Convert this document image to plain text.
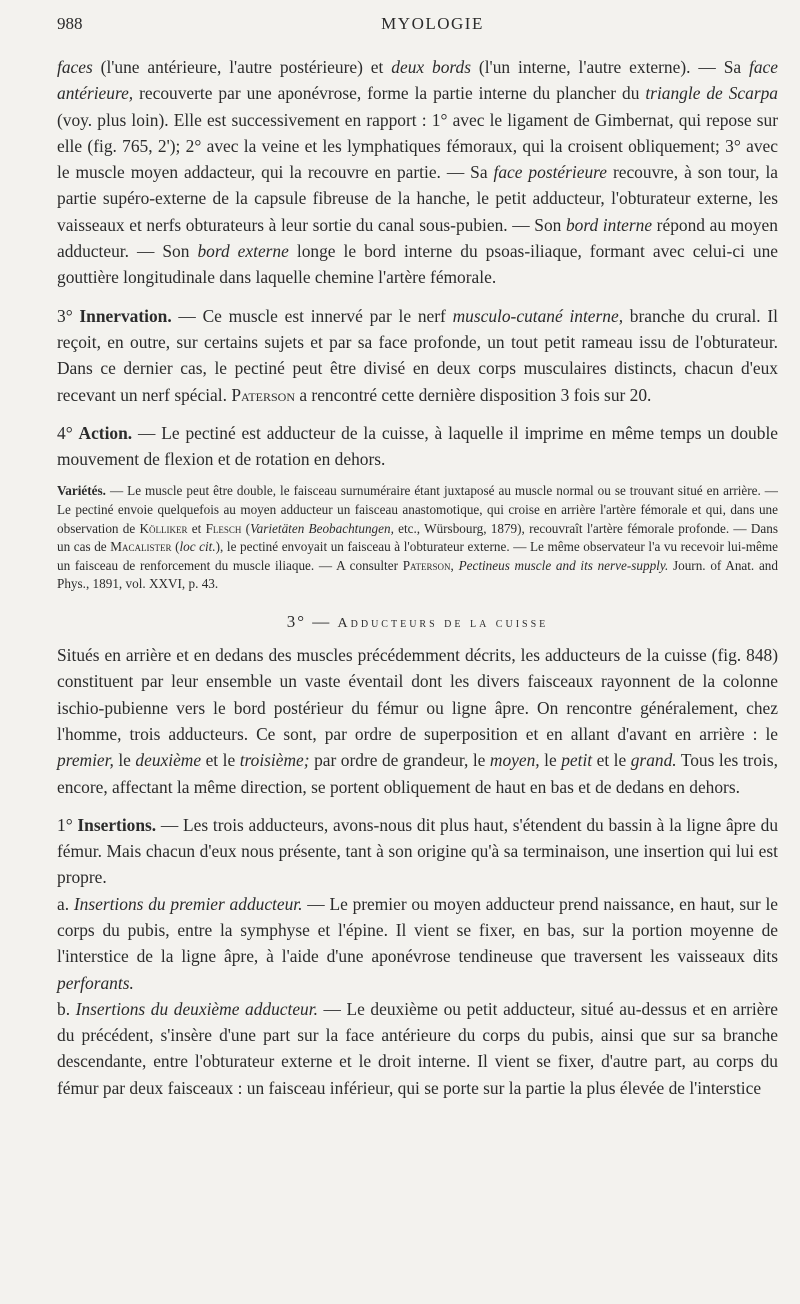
988	MYOLOGIE

faces (l'une antérieure, l'autre postérieure) et deux bords (l'un interne, l'autre externe). — Sa face antérieure, recouverte par une aponévrose, forme la partie interne du plancher du triangle de Scarpa (voy. plus loin). Elle est successivement en rapport : 1° avec le ligament de Gimbernat, qui repose sur elle (fig. 765, 2'); 2° avec la veine et les lymphatiques fémoraux, qui la croisent obliquement; 3° avec le muscle moyen addacteur, qui la recouvre en partie. — Sa face postérieure recouvre, à son tour, la partie supéro-externe de la capsule fibreuse de la hanche, le petit adducteur, l'obturateur externe, les vaisseaux et nerfs obturateurs à leur sortie du canal sous-pubien. — Son bord interne répond au moyen adducteur. — Son bord externe longe le bord interne du psoas-iliaque, formant avec celui-ci une gouttière longitudinale dans laquelle chemine l'artère fémorale.

3° Innervation. — Ce muscle est innervé par le nerf musculo-cutané interne, branche du crural. Il reçoit, en outre, sur certains sujets et par sa face profonde, un tout petit rameau issu de l'obturateur. Dans ce dernier cas, le pectiné peut être divisé en deux corps musculaires distincts, chacun d'eux recevant un nerf spécial. Paterson a rencontré cette dernière disposition 3 fois sur 20.

4° Action. — Le pectiné est adducteur de la cuisse, à laquelle il imprime en même temps un double mouvement de flexion et de rotation en dehors.

Variétés. — Le muscle peut être double, le faisceau surnuméraire étant juxtaposé au muscle normal ou se trouvant situé en arrière. — Le pectiné envoie quelquefois au moyen adducteur un faisceau anastomotique, qui croise en arrière l'artère fémorale et qui, dans une observation de Kölliker et Flesch (Varietäten Beobachtungen, etc., Würsbourg, 1879), recouvraît l'artère fémorale profonde. — Dans un cas de Macalister (loc cit.), le pectiné envoyait un faisceau à l'obturateur externe. — Le même observateur l'a vu recevoir lui-même un faisceau de renforcement du muscle iliaque. — A consulter Paterson, Pectineus muscle and its nerve-supply. Journ. of Anat. and Phys., 1891, vol. XXVI, p. 43.

3° — Adducteurs de la cuisse

Situés en arrière et en dedans des muscles précédemment décrits, les adducteurs de la cuisse (fig. 848) constituent par leur ensemble un vaste éventail dont les divers faisceaux rayonnent de la colonne ischio-pubienne vers le bord postérieur du fémur ou ligne âpre. On rencontre généralement, chez l'homme, trois adducteurs. Ce sont, par ordre de superposition et en allant d'avant en arrière : le premier, le deuxième et le troisième; par ordre de grandeur, le moyen, le petit et le grand. Tous les trois, encore, affectant la même direction, se portent obliquement de haut en bas et de dedans en dehors.

1° Insertions. — Les trois adducteurs, avons-nous dit plus haut, s'étendent du bassin à la ligne âpre du fémur. Mais chacun d'eux nous présente, tant à son origine qu'à sa terminaison, une insertion qui lui est propre.

a. Insertions du premier adducteur. — Le premier ou moyen adducteur prend naissance, en haut, sur le corps du pubis, entre la symphyse et l'épine. Il vient se fixer, en bas, sur la portion moyenne de l'interstice de la ligne âpre, à l'aide d'une aponévrose tendineuse que traversent les vaisseaux dits perforants.

b. Insertions du deuxième adducteur. — Le deuxième ou petit adducteur, situé au-dessus et en arrière du précédent, s'insère d'une part sur la face antérieure du corps du pubis, ainsi que sur sa branche descendante, entre l'obturateur externe et le droit interne. Il vient se fixer, d'autre part, au corps du fémur par deux faisceaux : un faisceau inférieur, qui se porte sur la partie la plus élevée de l'interstice
